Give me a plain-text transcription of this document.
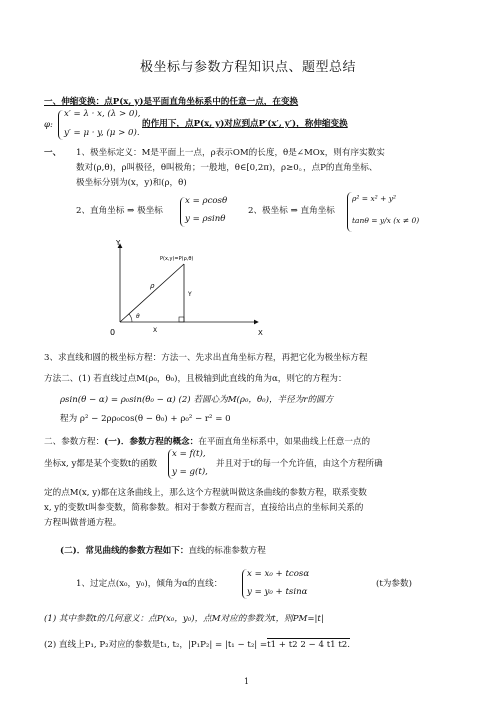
极坐标与参数方程知识点、题型总结
一、伸缩变换：点P(x, y)是平面直角坐标系中的任意一点，在变换
φ:
x′ = λ · x, (λ > 0),
y′ = μ · y, (μ > 0).
的作用下，点P(x, y)对应到点P′(x′, y′)，称伸缩变换
一、 1、极坐标定义：M是平面上一点，ρ表示OM的长度，θ是∠MOx，则有序实数实
数对(ρ,θ)，ρ叫极径，θ叫极角；一般地，θ∈[0,2π)，ρ≥0。，点P的直角坐标、
极坐标分别为(x，y)和(ρ，θ)
2、直角坐标 ⇒ 极坐标
x = ρcosθ
y = ρsinθ
2、极坐标 ⇒ 直角坐标
ρ² = x² + y²
tanθ = y/x (x ≠ 0)
Y
X
0
P(x,y)=P(ρ,θ)
ρ
θ
X
Y
3、求直线和圆的极坐标方程：方法一、先求出直角坐标方程，再把它化为极坐标方程
方法二、(1) 若直线过点M(ρ₀，θ₀)，且极轴到此直线的角为α，则它的方程为：
ρsin(θ − α) = ρ₀sin(θ₀ − α) (2) 若圆心为M(ρ₀，θ₀)，半径为r的圆方
程为 ρ² − 2ρρ₀cos(θ − θ₀) + ρ₀² − r² = 0
二、参数方程：(一)．参数方程的概念：在平面直角坐标系中，如果曲线上任意一点的
坐标x, y都是某个变数t的函数
x = f(t),
y = g(t),
并且对于t的每一个允许值，由这个方程所确
定的点M(x, y)都在这条曲线上，那么这个方程就叫做这条曲线的参数方程，联系变数
x, y的变数t叫参变数，简称参数。相对于参数方程而言，直接给出点的坐标间关系的
方程叫做普通方程。
(二)．常见曲线的参数方程如下：直线的标准参数方程
1、过定点(x₀，y₀)，倾角为α的直线：
x = x₀ + tcosα
y = y₀ + tsinα
(t为参数)
(1) 其中参数t的几何意义：点P(x₀，y₀)，点M对应的参数为t，则PM=|t|
(2) 直线上P₁, P₂对应的参数是t₁, t₂，|P₁P₂| = |t₁ − t₂| =t1 + t2 2 − 4 t1 t2.
1
